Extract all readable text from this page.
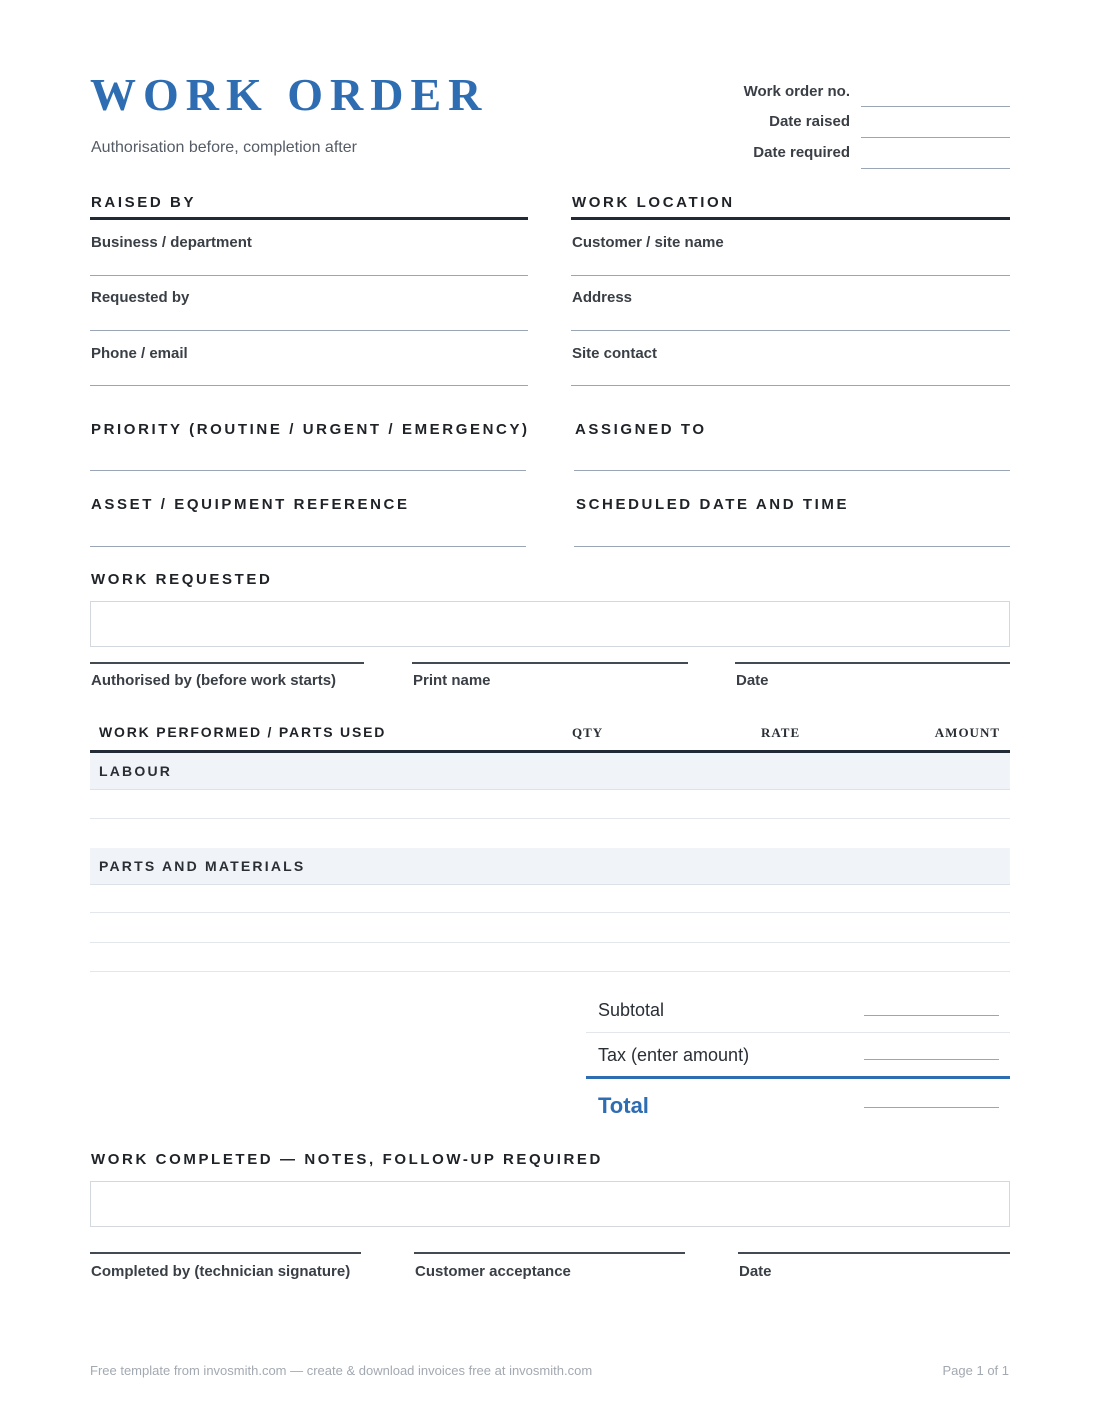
WORK ORDER
Authorisation before, completion after
Work order no.
Date raised
Date required
RAISED BY
Business / department
Requested by
Phone / email
WORK LOCATION
Customer / site name
Address
Site contact
PRIORITY (ROUTINE / URGENT / EMERGENCY)	ASSIGNED TO
ASSET / EQUIPMENT REFERENCE	SCHEDULED DATE AND TIME
WORK REQUESTED
Authorised by (before work starts)	Print name	Date
WORK PERFORMED / PARTS USED	QTY	RATE	AMOUNT
LABOUR
PARTS AND MATERIALS
Subtotal
Tax (enter amount)
Total
WORK COMPLETED — NOTES, FOLLOW-UP REQUIRED
Completed by (technician signature)	Customer acceptance	Date
Free template from invosmith.com — create & download invoices free at invosmith.com	Page 1 of 1
